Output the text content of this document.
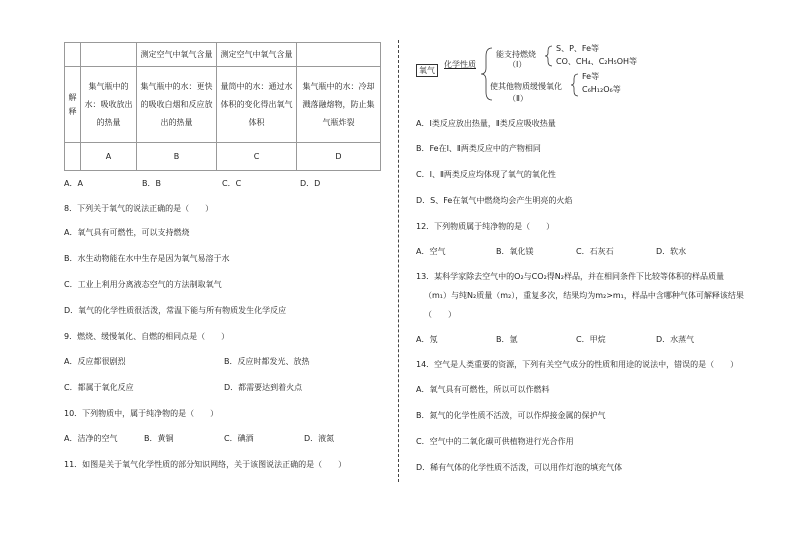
		测定空气中氧气含量	测定空气中氧气含量	
解释	集气瓶中的水：吸收放出的热量	集气瓶中的水：更快的吸收白烟和反应放出的热量	量筒中的水：通过水体积的变化得出氧气体积	集气瓶中的水：冷却溅落融熔物，防止集气瓶炸裂
	A	B	C	D
A．A	B．B	C．C	D．D
8．下列关于氧气的说法正确的是（　　）
A．氧气具有可燃性，可以支持燃烧
B．水生动物能在水中生存是因为氧气易溶于水
C．工业上利用分离液态空气的方法制取氧气
D．氧气的化学性质很活泼，常温下能与所有物质发生化学反应
9．燃烧、缓慢氧化、自燃的相同点是（　　）
A．反应都很剧烈	B．反应时都发光、放热
C．都属于氧化反应	D．都需要达到着火点
10．下列物质中，属于纯净物的是（　　）
A．洁净的空气	B．黄铜	C．碘酒	D．液氮
11．如图是关于氧气化学性质的部分知识网络，关于该图说法正确的是（　　）
氧气
化学性质
能支持燃烧
（Ⅰ）
S、P、Fe等
CO、CH₄、C₂H₅OH等
使其他物质缓慢氧化
（Ⅱ）
Fe等
C₆H₁₂O₆等
A．Ⅰ类反应放出热量，Ⅱ类反应吸收热量
B．Fe在Ⅰ、Ⅱ两类反应中的产物相同
C．Ⅰ、Ⅱ两类反应均体现了氧气的氧化性
D．S、Fe在氧气中燃烧均会产生明亮的火焰
12．下列物质属于纯净物的是（　　）
A．空气	B．氧化镁	C．石灰石	D．软水
13．某科学家除去空气中的O₂与CO₂得N₂样品，并在相同条件下比较等体积的样品质量
（m₁）与纯N₂质量（m₂），重复多次，结果均为m₂>m₁，样品中含哪种气体可解释该结果
（　　）
A．氖	B．氩	C．甲烷	D．水蒸气
14．空气是人类重要的资源，下列有关空气成分的性质和用途的说法中，错误的是（　　）
A．氧气具有可燃性，所以可以作燃料
B．氮气的化学性质不活泼，可以作焊接金属的保护气
C．空气中的二氧化碳可供植物进行光合作用
D．稀有气体的化学性质不活泼，可以用作灯泡的填充气体
